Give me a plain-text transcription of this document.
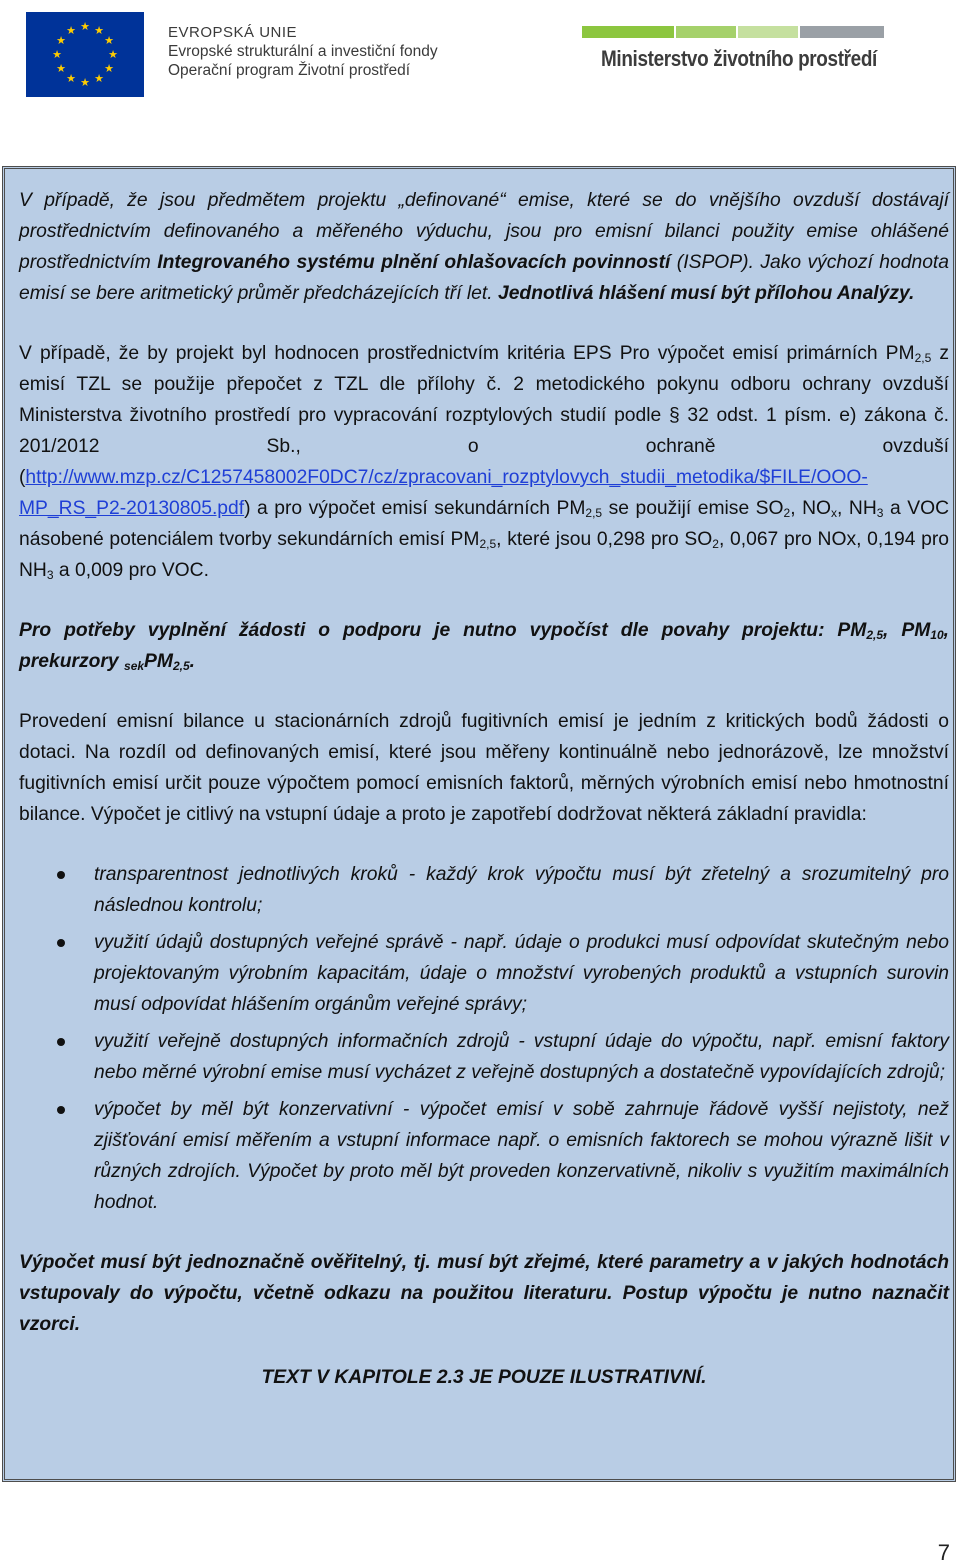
★ ★
★
★
★
★
★
★
★
★
★
★	EVROPSKÁ UNIE
Evropské strukturální a investiční fondy
Operační program Životní prostředí	Ministerstvo životního prostředí

V případě, že jsou předmětem projektu „definované“ emise, které se do vnějšího ovzduší dostávají prostřednictvím definovaného a měřeného výduchu, jsou pro emisní bilanci použity emise ohlášené prostřednictvím Integrovaného systému plnění ohlašovacích povinností (ISPOP). Jako výchozí hodnota emisí se bere aritmetický průměr předcházejících tří let. Jednotlivá hlášení musí být přílohou Analýzy.

V případě, že by projekt byl hodnocen prostřednictvím kritéria EPS Pro výpočet emisí primárních $PM_{2,5}$ z emisí TZL se použije přepočet z TZL dle přílohy č. 2 metodického pokynu odboru ochrany ovzduší Ministerstva životního prostředí pro vypracování rozptylových studií podle § 32 odst. 1 písm. e) zákona č. 201/2012 Sb., o ochraně ovzduší (http://www.mzp.cz/C1257458002F0DC7/cz/zpracovani_rozptylovych_studii_metodika/$FILE/OOO-MP_RS_P2-20130805.pdf) a pro výpočet emisí sekundárních $PM_{2,5}$ se použijí emise $SO_2$, $NO_x$, $NH_3$ a VOC násobené potenciálem tvorby sekundárních emisí $PM_{2,5}$, které jsou 0,298 pro $SO_2$, 0,067 pro NOx, 0,194 pro $NH_3$ a 0,009 pro VOC.

Pro potřeby vyplnění žádosti o podporu je nutno vypočíst dle povahy projektu: $PM_{2,5}$, $PM_{10}$, prekurzory $_{sek}PM_{2,5}$.

Provedení emisní bilance u stacionárních zdrojů fugitivních emisí je jedním z kritických bodů žádosti o dotaci. Na rozdíl od definovaných emisí, které jsou měřeny kontinuálně nebo jednorázově, lze množství fugitivních emisí určit pouze výpočtem pomocí emisních faktorů, měrných výrobních emisí nebo hmotnostní bilance. Výpočet je citlivý na vstupní údaje a proto je zapotřebí dodržovat některá základní pravidla:

transparentnost jednotlivých kroků - každý krok výpočtu musí být zřetelný a srozumitelný pro následnou kontrolu;
využití údajů dostupných veřejné správě - např. údaje o produkci musí odpovídat skutečným nebo projektovaným výrobním kapacitám, údaje o množství vyrobených produktů a vstupních surovin musí odpovídat hlášením orgánům veřejné správy;
využití veřejně dostupných informačních zdrojů - vstupní údaje do výpočtu, např. emisní faktory nebo měrné výrobní emise musí vycházet z veřejně dostupných a dostatečně vypovídajících zdrojů;
výpočet by měl být konzervativní - výpočet emisí v sobě zahrnuje řádově vyšší nejistoty, než zjišťování emisí měřením a vstupní informace např. o emisních faktorech se mohou výrazně lišit v různých zdrojích. Výpočet by proto měl být proveden konzervativně, nikoliv s využitím maximálních hodnot.

Výpočet musí být jednoznačně ověřitelný, tj. musí být zřejmé, které parametry a v jakých hodnotách vstupovaly do výpočtu, včetně odkazu na použitou literaturu. Postup výpočtu je nutno naznačit vzorci.

TEXT V KAPITOLE 2.3 JE POUZE ILUSTRATIVNÍ.

7
